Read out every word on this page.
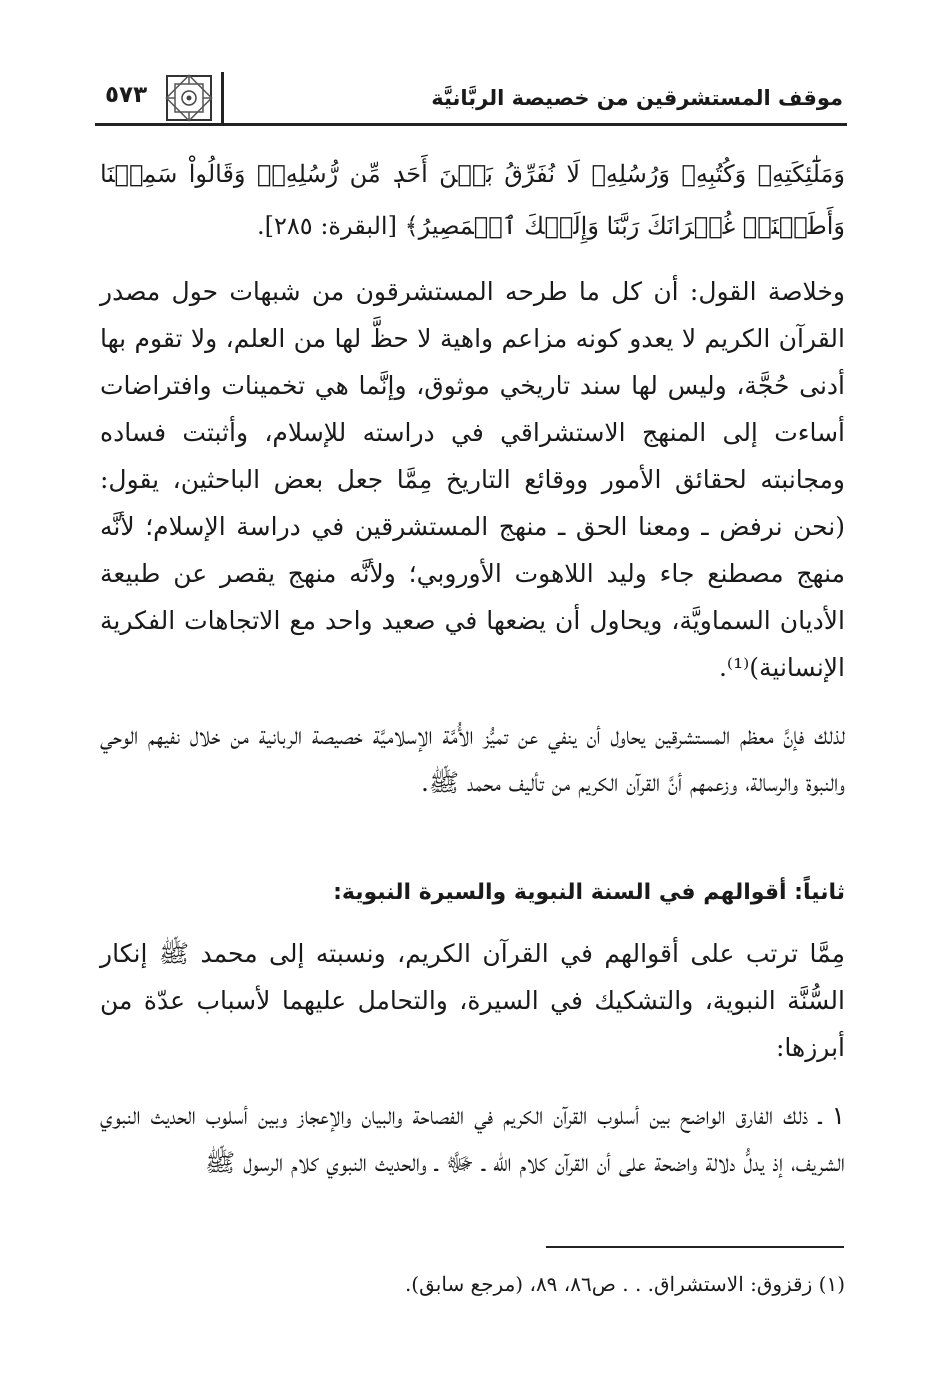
موقف المستشرقين من خصيصة الربَّانيَّة
٥٧٣
وَمَلَٰٓئِكَتِهِۦ وَكُتُبِهِۦ وَرُسُلِهِۦ لَا نُفَرِّقُ بَيۡنَ أَحَدٖ مِّن رُّسُلِهِۦۚ وَقَالُواْ سَمِعۡنَا وَأَطَعۡنَاۖ غُفۡرَانَكَ رَبَّنَا وَإِلَيۡكَ ٱلۡمَصِيرُ﴾ [البقرة: ٢٨٥].
وخلاصة القول: أن كل ما طرحه المستشرقون من شبهات حول مصدر القرآن الكريم لا يعدو كونه مزاعم واهية لا حظَّ لها من العلم، ولا تقوم بها أدنى حُجَّة، وليس لها سند تاريخي موثوق، وإنَّما هي تخمينات وافتراضات أساءت إلى المنهج الاستشراقي في دراسته للإسلام، وأثبتت فساده ومجانبته لحقائق الأمور ووقائع التاريخ مِمَّا جعل بعض الباحثين، يقول: (نحن نرفض ـ ومعنا الحق ـ منهج المستشرقين في دراسة الإسلام؛ لأنَّه منهج مصطنع جاء وليد اللاهوت الأوروبي؛ ولأنَّه منهج يقصر عن طبيعة الأديان السماويَّة، ويحاول أن يضعها في صعيد واحد مع الاتجاهات الفكرية الإنسانية)⁽¹⁾.
لذلك فإنَّ معظم المستشرقين يحاول أن ينفي عن تميُّز الأُمَّة الإسلاميَّة خصيصة الربانية من خلال نفيهم الوحي والنبوة والرسالة، وزعمهم أنَّ القرآن الكريم من تأليف محمد ﷺ.
ثانياً: أقوالهم في السنة النبوية والسيرة النبوية:
مِمَّا ترتب على أقوالهم في القرآن الكريم، ونسبته إلى محمد ﷺ إنكار السُّنَّة النبوية، والتشكيك في السيرة، والتحامل عليهما لأسباب عدّة من أبرزها:
١ ـ ذلك الفارق الواضح بين أسلوب القرآن الكريم في الفصاحة والبيان والإعجاز وبين أسلوب الحديث النبوي الشريف، إذ يدلُّ دلالة واضحة على أن القرآن كلام الله ـ ﷻ ـ والحديث النبوي كلام الرسول ﷺ
(١) زقزوق: الاستشراق. . . ص٨٦، ٨٩، (مرجع سابق).
